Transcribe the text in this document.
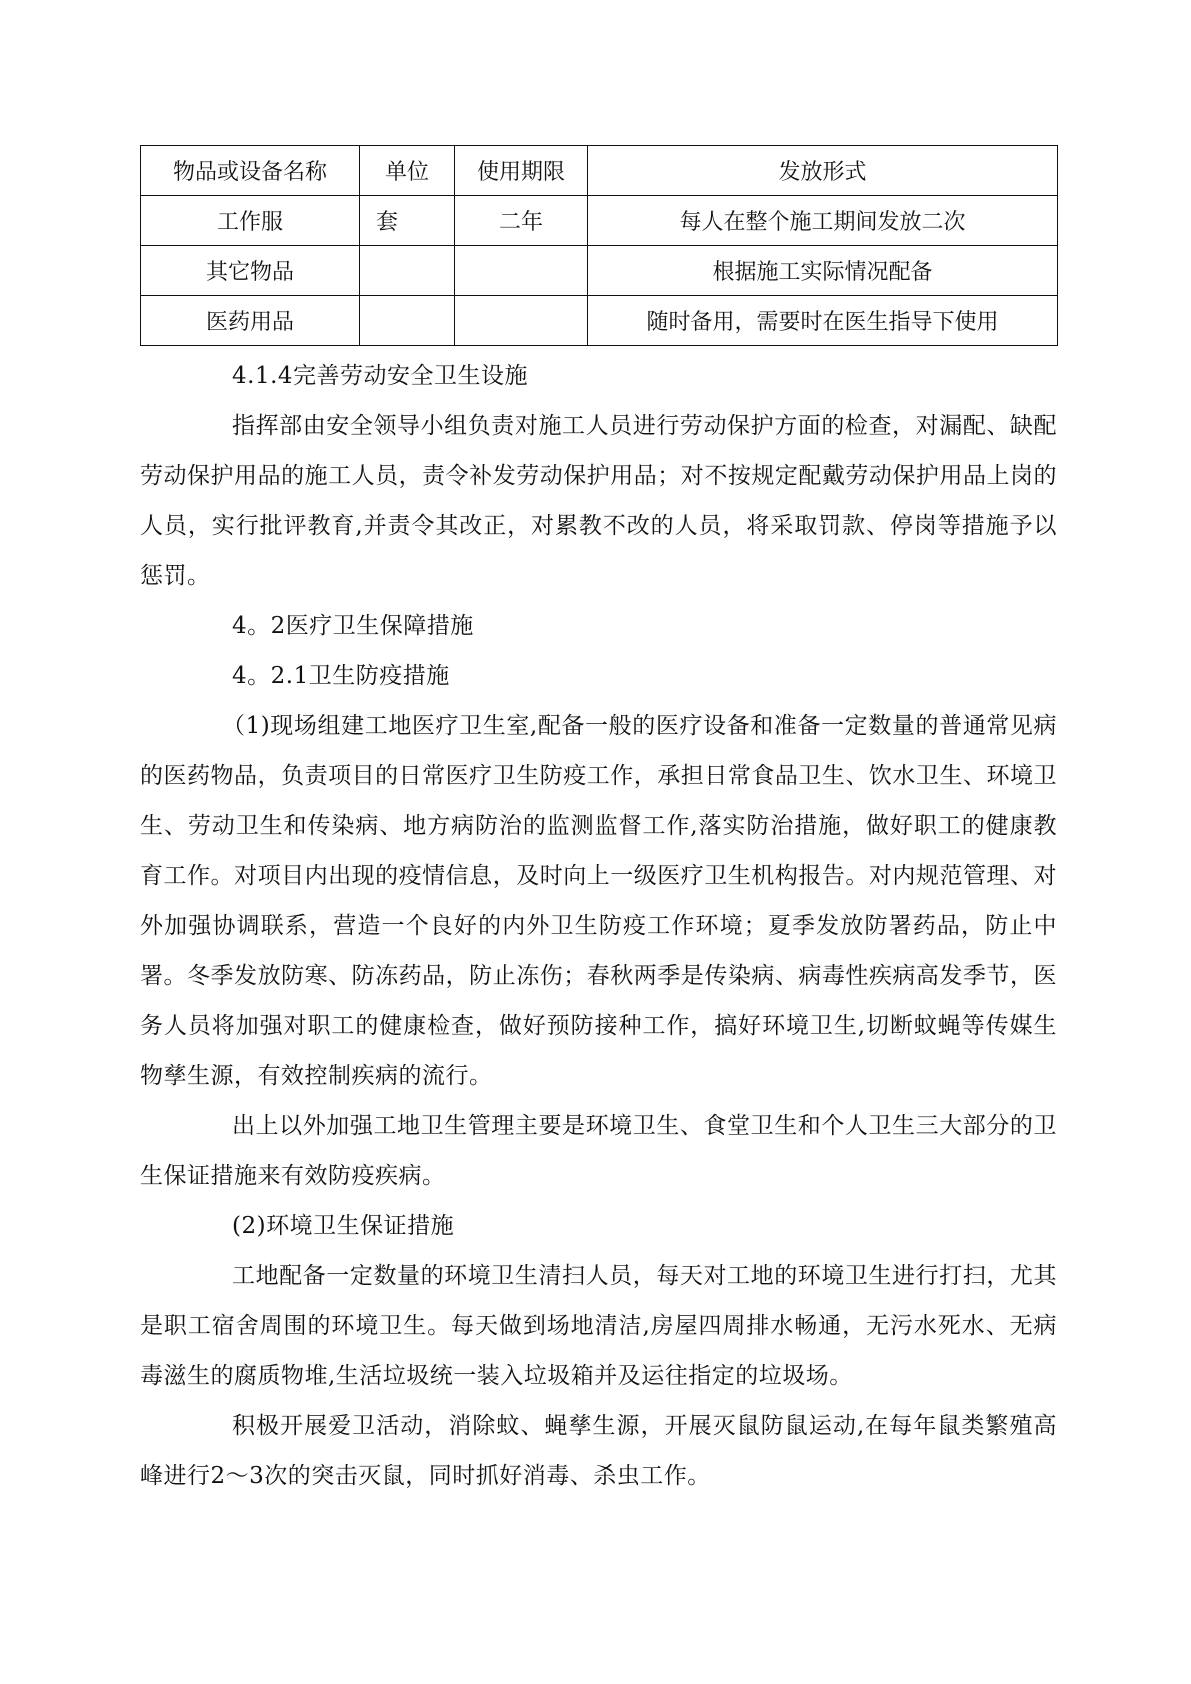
物品或设备名称	单位	使用期限	发放形式
工作服	套	二年	每人在整个施工期间发放二次
其它物品			根据施工实际情况配备
医药用品			随时备用，需要时在医生指导下使用

4.1.4完善劳动安全卫生设施

指挥部由安全领导小组负责对施工人员进行劳动保护方面的检查，对漏配、缺配劳动保护用品的施工人员，责令补发劳动保护用品；对不按规定配戴劳动保护用品上岗的人员，实行批评教育,并责令其改正，对累教不改的人员，将采取罚款、停岗等措施予以惩罚。

4。2医疗卫生保障措施

4。2.1卫生防疫措施

（1)现场组建工地医疗卫生室,配备一般的医疗设备和准备一定数量的普通常见病的医药物品，负责项目的日常医疗卫生防疫工作，承担日常食品卫生、饮水卫生、环境卫生、劳动卫生和传染病、地方病防治的监测监督工作,落实防治措施，做好职工的健康教育工作。对项目内出现的疫情信息，及时向上一级医疗卫生机构报告。对内规范管理、对外加强协调联系，营造一个良好的内外卫生防疫工作环境；夏季发放防署药品，防止中署。冬季发放防寒、防冻药品，防止冻伤；春秋两季是传染病、病毒性疾病高发季节，医务人员将加强对职工的健康检查，做好预防接种工作，搞好环境卫生,切断蚊蝇等传媒生物孳生源，有效控制疾病的流行。

出上以外加强工地卫生管理主要是环境卫生、食堂卫生和个人卫生三大部分的卫生保证措施来有效防疫疾病。

(2)环境卫生保证措施

工地配备一定数量的环境卫生清扫人员，每天对工地的环境卫生进行打扫，尤其是职工宿舍周围的环境卫生。每天做到场地清洁,房屋四周排水畅通，无污水死水、无病毒滋生的腐质物堆,生活垃圾统一装入垃圾箱并及运往指定的垃圾场。

积极开展爱卫活动，消除蚊、蝇孳生源，开展灭鼠防鼠运动,在每年鼠类繁殖高峰进行2～3次的突击灭鼠，同时抓好消毒、杀虫工作。
